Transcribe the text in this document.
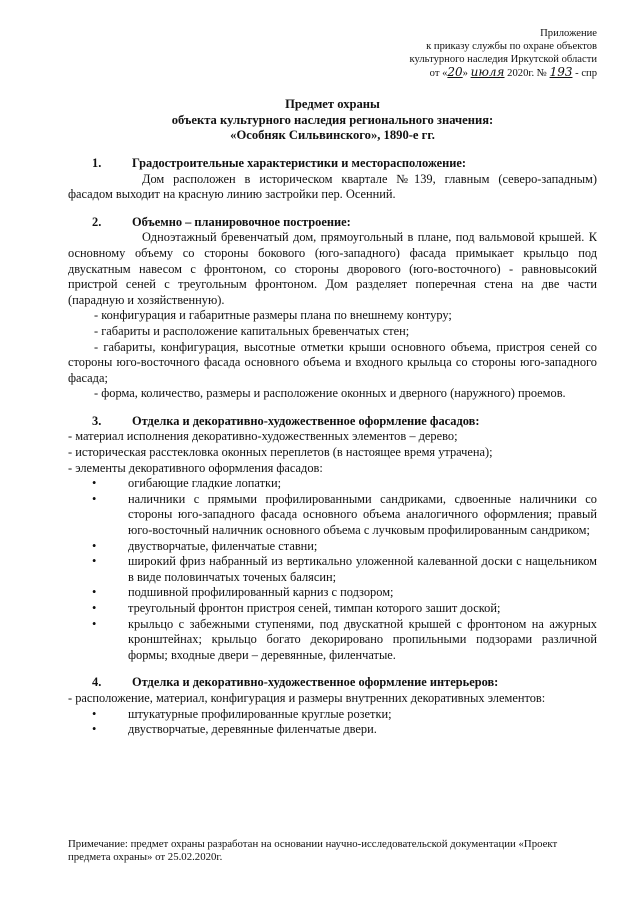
Приложение
к приказу службы по охране объектов
культурного наследия Иркутской области
от «20» июля 2020г. № 193 - спр
Предмет охраны
объекта культурного наследия регионального значения:
«Особняк Сильвинского», 1890-е гг.
1.	Градостроительные характеристики и месторасположение:

Дом расположен в историческом квартале №139, главным (северо-западным) фасадом выходит на красную линию застройки пер. Осенний.

2.	Объемно – планировочное построение:

Одноэтажный бревенчатый дом, прямоугольный в плане, под вальмовой крышей. К основному объему со стороны бокового (юго-западного) фасада примыкает крыльцо под двускатным навесом с фронтоном, со стороны дворового (юго-восточного) - равновысокий пристрой сеней с треугольным фронтоном. Дом разделяет поперечная стена на две части (парадную и хозяйственную).

- конфигурация и габаритные размеры плана по внешнему контуру;

- габариты и расположение капитальных бревенчатых стен;

- габариты, конфигурация, высотные отметки крыши основного объема, пристроя сеней со стороны юго-восточного фасада основного объема и входного крыльца со стороны юго-западного фасада;

- форма, количество, размеры и расположение оконных и дверного (наружного) проемов.

3.	Отделка и декоративно-художественное оформление фасадов:

- материал исполнения декоративно-художественных элементов – дерево;

- историческая расстекловка оконных переплетов (в настоящее время утрачена);

- элементы декоративного оформления фасадов:

•	огибающие гладкие лопатки;
•	наличники с прямыми профилированными сандриками, сдвоенные наличники со стороны юго-западного фасада основного объема аналогичного оформления; правый юго-восточный наличник основного объема с лучковым профилированным сандриком;
•	двустворчатые, филенчатые ставни;
•	широкий фриз набранный из вертикально уложенной калеванной доски с нащельником в виде половинчатых точеных балясин;
•	подшивной профилированный карниз с подзором;
•	треугольный фронтон пристроя сеней, тимпан которого зашит доской;
•	крыльцо с забежными ступенями, под двускатной крышей с фронтоном на ажурных кронштейнах; крыльцо богато декорировано пропильными подзорами различной формы; входные двери – деревянные, филенчатые.
4.	Отделка и декоративно-художественное оформление интерьеров:

- расположение, материал, конфигурация и размеры внутренних декоративных элементов:

•	штукатурные профилированные круглые розетки;
•	двустворчатые, деревянные филенчатые двери.
Примечание: предмет охраны разработан на основании научно-исследовательской документации «Проект предмета охраны» от 25.02.2020г.
